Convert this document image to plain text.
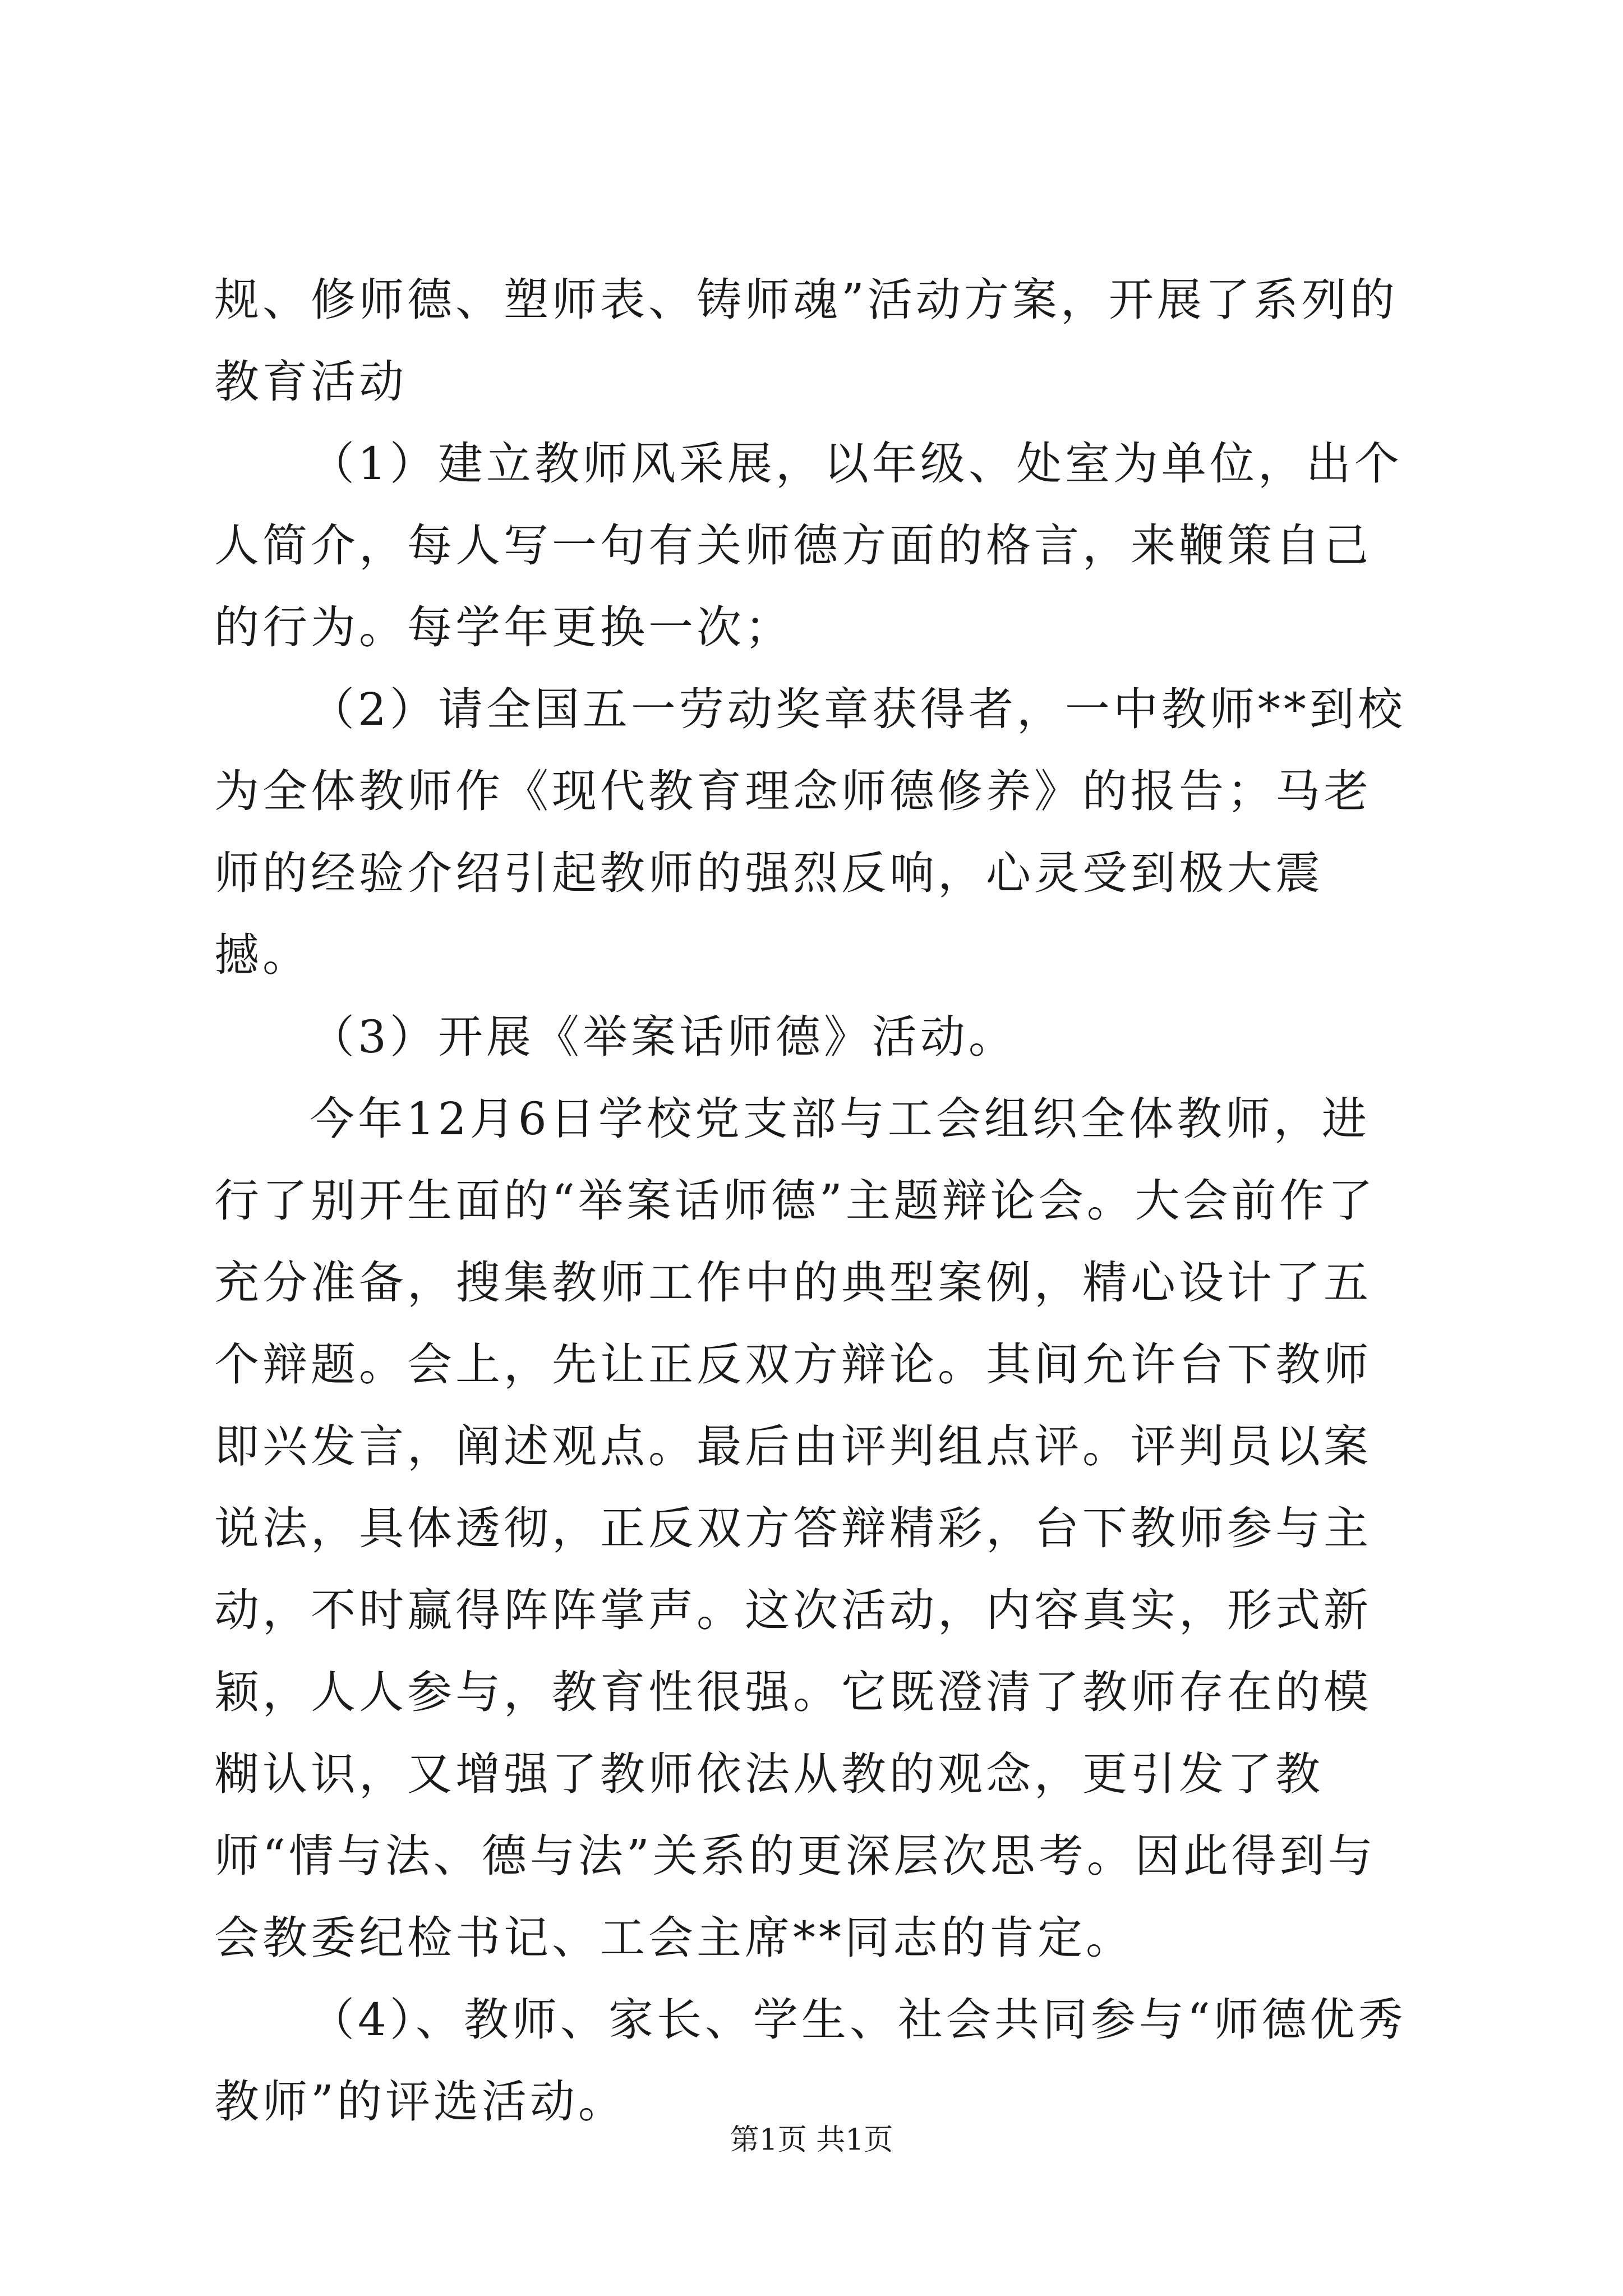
规、修师德、塑师表、铸师魂”活动方案，开展了系列的教育活动

（1）建立教师风采展，以年级、处室为单位，出个人简介，每人写一句有关师德方面的格言，来鞭策自己的行为。每学年更换一次；

（2）请全国五一劳动奖章获得者，一中教师**到校为全体教师作《现代教育理念师德修养》的报告；马老师的经验介绍引起教师的强烈反响，心灵受到极大震撼。

（3）开展《举案话师德》活动。

今年12月6日学校党支部与工会组织全体教师，进行了别开生面的“举案话师德”主题辩论会。大会前作了充分准备，搜集教师工作中的典型案例，精心设计了五个辩题。会上，先让正反双方辩论。其间允许台下教师即兴发言，阐述观点。最后由评判组点评。评判员以案说法，具体透彻，正反双方答辩精彩，台下教师参与主动，不时赢得阵阵掌声。这次活动，内容真实，形式新颖，人人参与，教育性很强。它既澄清了教师存在的模糊认识，又增强了教师依法从教的观念，更引发了教师“情与法、德与法”关系的更深层次思考。因此得到与会教委纪检书记、工会主席**同志的肯定。

（4）、教师、家长、学生、社会共同参与“师德优秀教师”的评选活动。

第1页 共1页
